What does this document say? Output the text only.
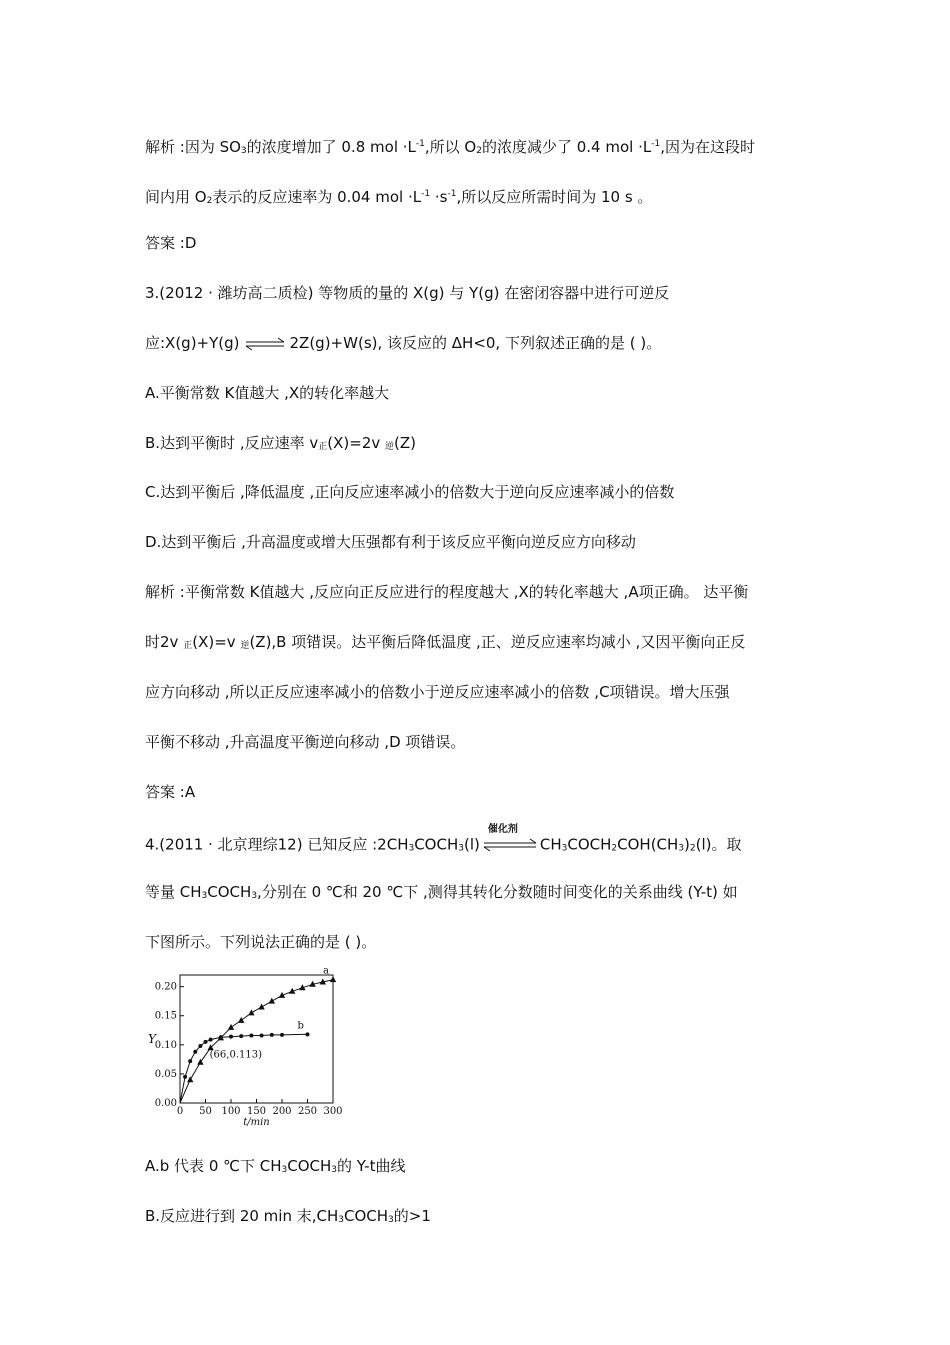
解析 :因为 SO3的浓度增加了 0.8 mol $\cdot L^{-1}$,所以 O2的浓度减少了 0.4 mol $\cdot L^{-1}$,因为在这段时
间内用 O2表示的反应速率为 0.04 mol $\cdot L^{-1} \cdot s^{-1}$,所以反应所需时间为 10 s 。
答案 :D
3.(2012 · 潍坊高二质检) 等物质的量的 X(g) 与 Y(g) 在密闭容器中进行可逆反
应:X(g)+Y(g) ⇌ 2Z(g)+W(s), 该反应的 ΔH<0, 下列叙述正确的是 ( )。
A.平衡常数 K值越大 ,X的转化率越大
B.达到平衡时 ,反应速率 v正(X)=2v 逆(Z)
C.达到平衡后 ,降低温度 ,正向反应速率减小的倍数大于逆向反应速率减小的倍数
D.达到平衡后 ,升高温度或增大压强都有利于该反应平衡向逆反应方向移动
解析 :平衡常数 K值越大 ,反应向正反应进行的程度越大 ,X的转化率越大 ,A项正确。 达平衡
时2v 正(X)=v 逆(Z),B 项错误。达平衡后降低温度 ,正、逆反应速率均减小 ,又因平衡向正反
应方向移动 ,所以正反应速率减小的倍数小于逆反应速率减小的倍数 ,C项错误。增大压强
平衡不移动 ,升高温度平衡逆向移动 ,D 项错误。
答案 :A
4.(2011 · 北京理综12) 已知反应 :2CH3COCH3(l)
催化剂
CH3COCH2COH(CH3)2(l)。取
等量 CH3COCH3,分别在 0 ℃和 20 ℃下 ,测得其转化分数随时间变化的关系曲线 (Y-t) 如
下图所示。下列说法正确的是 ( )。
0 50 100 150 200 250 300
0.00
0.05
0.10
0.15
0.20
Y
t/min
a
b
(66,0.113)
A.b 代表 0 ℃下 CH3COCH3的 Y-t曲线
B.反应进行到 20 min 末,CH3COCH3的>1
